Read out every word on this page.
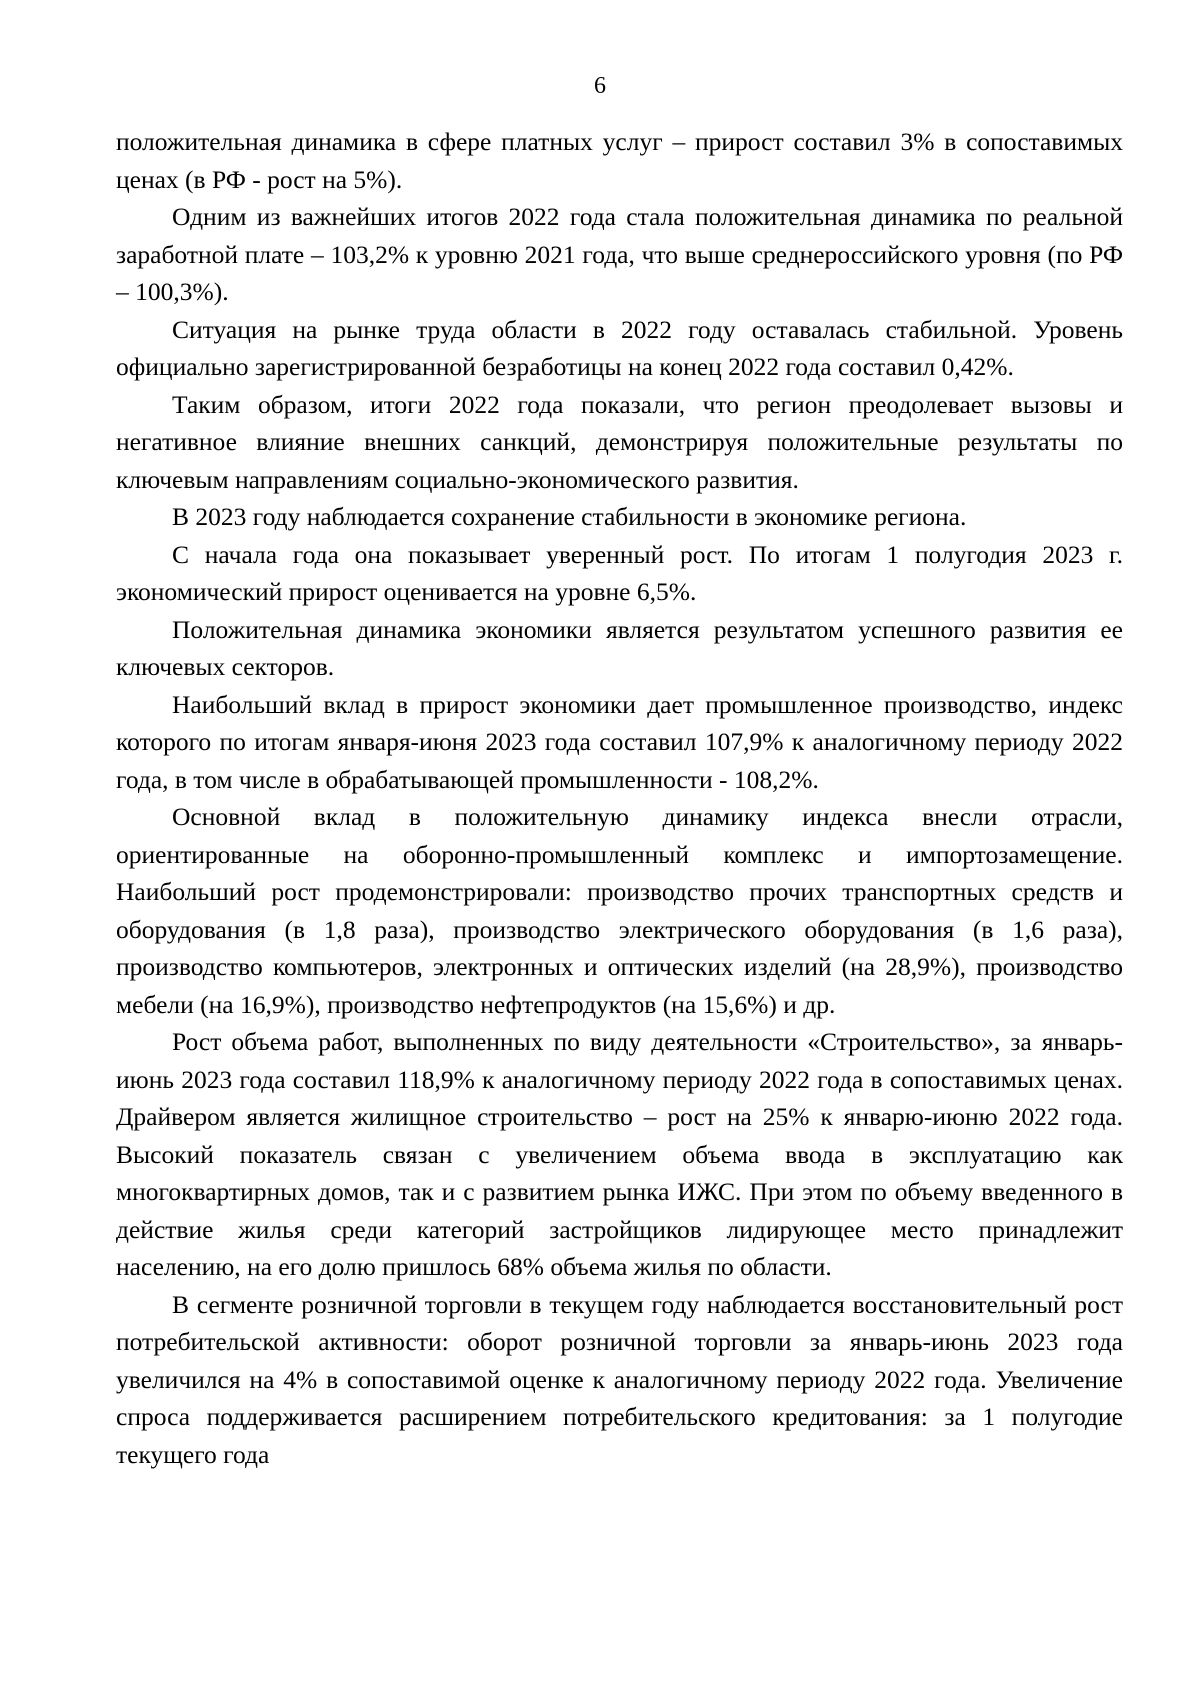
6

положительная динамика в сфере платных услуг – прирост составил 3% в сопоставимых ценах (в РФ - рост на 5%).

Одним из важнейших итогов 2022 года стала положительная динамика по реальной заработной плате – 103,2% к уровню 2021 года, что выше среднероссийского уровня (по РФ – 100,3%).

Ситуация на рынке труда области в 2022 году оставалась стабильной. Уровень официально зарегистрированной безработицы на конец 2022 года составил 0,42%.

Таким образом, итоги 2022 года показали, что регион преодолевает вызовы и негативное влияние внешних санкций, демонстрируя положительные результаты по ключевым направлениям социально-экономического развития.

В 2023 году наблюдается сохранение стабильности в экономике региона.

С начала года она показывает уверенный рост. По итогам 1 полугодия 2023 г. экономический прирост оценивается на уровне 6,5%.

Положительная динамика экономики является результатом успешного развития ее ключевых секторов.

Наибольший вклад в прирост экономики дает промышленное производство, индекс которого по итогам января-июня 2023 года составил 107,9% к аналогичному периоду 2022 года, в том числе в обрабатывающей промышленности - 108,2%.

Основной вклад в положительную динамику индекса внесли отрасли, ориентированные на оборонно-промышленный комплекс и импортозамещение. Наибольший рост продемонстрировали: производство прочих транспортных средств и оборудования (в 1,8 раза), производство электрического оборудования (в 1,6 раза), производство компьютеров, электронных и оптических изделий (на 28,9%), производство мебели (на 16,9%), производство нефтепродуктов (на 15,6%) и др.

Рост объема работ, выполненных по виду деятельности «Строительство», за январь-июнь 2023 года составил 118,9% к аналогичному периоду 2022 года в сопоставимых ценах. Драйвером является жилищное строительство – рост на 25% к январю-июню 2022 года. Высокий показатель связан с увеличением объема ввода в эксплуатацию как многоквартирных домов, так и с развитием рынка ИЖС. При этом по объему введенного в действие жилья среди категорий застройщиков лидирующее место принадлежит населению, на его долю пришлось 68% объема жилья по области.

В сегменте розничной торговли в текущем году наблюдается восстановительный рост потребительской активности: оборот розничной торговли за январь-июнь 2023 года увеличился на 4% в сопоставимой оценке к аналогичному периоду 2022 года. Увеличение спроса поддерживается расширением потребительского кредитования: за 1 полугодие текущего года
